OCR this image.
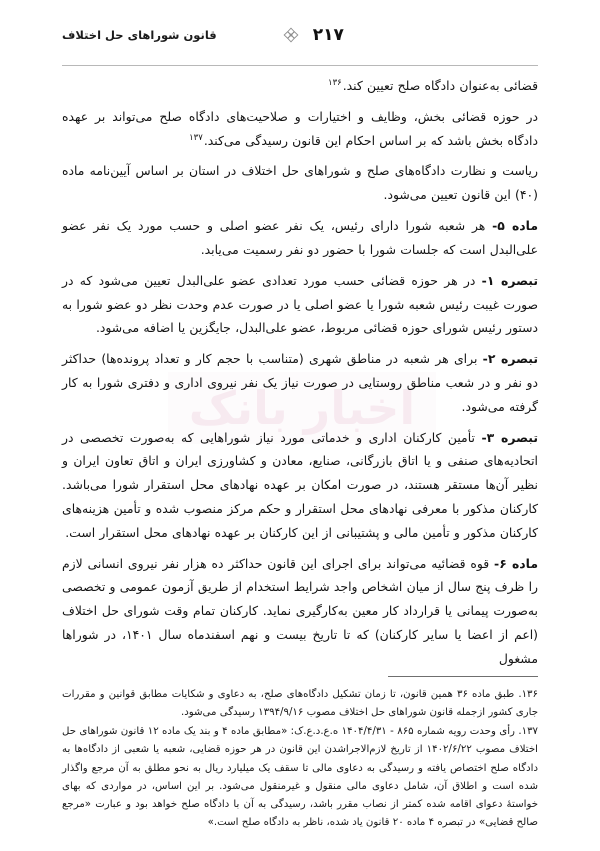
قانون شوراهای حل اختلاف	۲۱۷
اخبار بانک

قضائی به‌عنوان دادگاه صلح تعیین کند.$^{۱۳۶}$

در حوزه قضائی بخش، وظایف و اختیارات و صلاحیت‌های دادگاه صلح می‌تواند بر عهده دادگاه بخش باشد که بر اساس احکام این قانون رسیدگی می‌کند.$^{۱۳۷}$

ریاست و نظارت دادگاه‌های صلح و شوراهای حل اختلاف در استان بر اساس آیین‌نامه ماده (۴۰) این قانون تعیین می‌شود.

ماده ۵- هر شعبه شورا دارای رئیس، یک نفر عضو اصلی و حسب مورد یک نفر عضو علی‌البدل است که جلسات شورا با حضور دو نفر رسمیت می‌یابد.

تبصره ۱- در هر حوزه قضائی حسب مورد تعدادی عضو علی‌البدل تعیین می‌شود که در صورت غیبت رئیس شعبه شورا یا عضو اصلی یا در صورت عدم وحدت نظر دو عضو شورا به دستور رئیس شورای حوزه قضائی مربوط، عضو علی‌البدل، جایگزین یا اضافه می‌شود.

تبصره ۲- برای هر شعبه در مناطق شهری (متناسب با حجم کار و تعداد پرونده‌ها) حداکثر دو نفر و در شعب مناطق روستایی در صورت نیاز یک نفر نیروی اداری و دفتری شورا به کار گرفته می‌شود.

تبصره ۳- تأمین کارکنان اداری و خدماتی مورد نیاز شوراهایی که به‌صورت تخصصی در اتحادیه‌های صنفی و یا اتاق بازرگانی، صنایع، معادن و کشاورزی ایران و اتاق تعاون ایران و نظیر آن‌ها مستقر هستند، در صورت امکان بر عهده نهادهای محل استقرار شورا می‌باشد. کارکنان مذکور با معرفی نهادهای محل استقرار و حکم مرکز منصوب شده و تأمین هزینه‌های کارکنان مذکور و تأمین مالی و پشتیبانی از این کارکنان بر عهده نهادهای محل استقرار است.

ماده ۶- قوه قضائیه می‌تواند برای اجرای این قانون حداکثر ده هزار نفر نیروی انسانی لازم را ظرف پنج سال از میان اشخاص واجد شرایط استخدام از طریق آزمون عمومی و تخصصی به‌صورت پیمانی یا قرارداد کار معین به‌کارگیری نماید. کارکنان تمام وقت شورای حل اختلاف (اعم از اعضا یا سایر کارکنان) که تا تاریخ بیست و نهم اسفندماه سال ۱۴۰۱، در شوراها مشغول

۱۳۶. طبق ماده ۳۶ همین قانون، تا زمان تشکیل دادگاه‌های صلح، به دعاوی و شکایات مطابق قوانین و مقررات جاری کشور ازجمله قانون شوراهای حل اختلاف مصوب ۱۳۹۴/۹/۱۶ رسیدگی می‌شود.

۱۳۷. رأی وحدت رویه شماره ۸۶۵ - ۱۴۰۴/۴/۳۱ ه.ع.د.ع.ک: «مطابق ماده ۴ و بند یک ماده ۱۲ قانون شوراهای حل اختلاف مصوب ۱۴۰۲/۶/۲۲ از تاریخ لازم‌الاجراشدن این قانون در هر حوزه قضایی، شعبه یا شعبی از دادگاه‌ها به دادگاه صلح اختصاص یافته و رسیدگی به دعاوی مالی تا سقف یک میلیارد ریال به نحو مطلق به آن مرجع واگذار شده است و اطلاق آن، شامل دعاوی مالی منقول و غیرمنقول می‌شود. بر این اساس، در مواردی که بهای خواستهٔ دعوای اقامه شده کمتر از نصاب مقرر باشد، رسیدگی به آن با دادگاه صلح خواهد بود و عبارت «مرجع صالح قضایی» در تبصره ۴ ماده ۲۰ قانون یاد شده، ناظر به دادگاه صلح است.»
